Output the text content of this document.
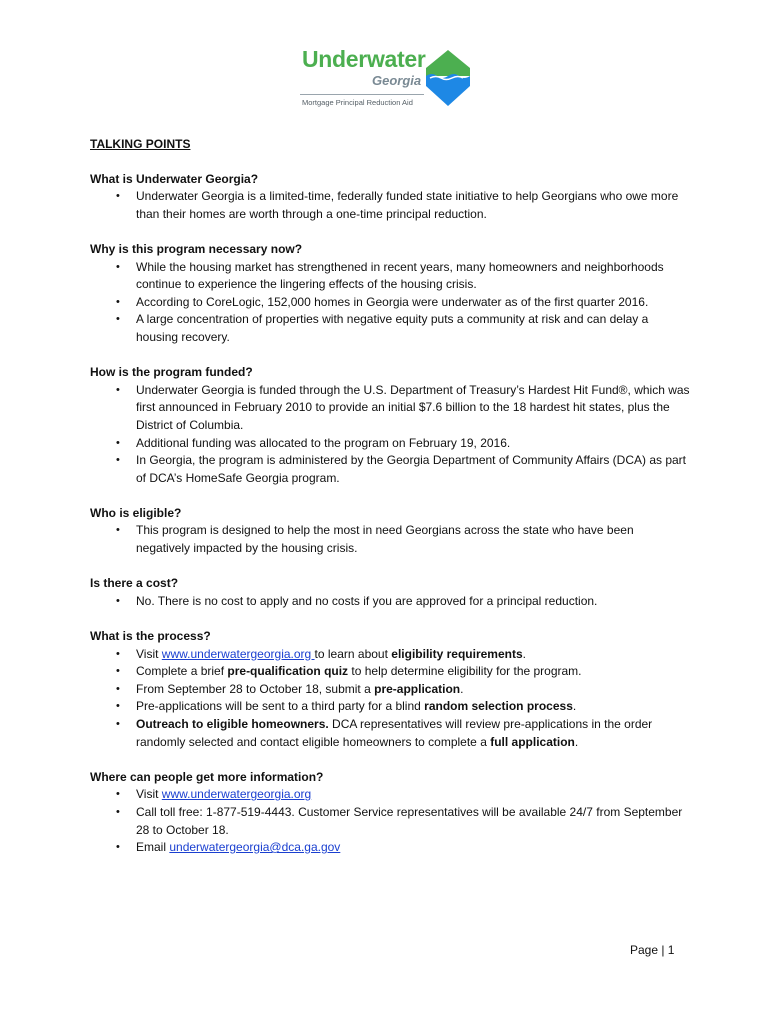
Underwater
Georgia
Mortgage Principal Reduction Aid

TALKING POINTS

What is Underwater Georgia?

• Underwater Georgia is a limited-time, federally funded state initiative to help Georgians who owe more than their homes are worth through a one-time principal reduction.

Why is this program necessary now?

• While the housing market has strengthened in recent years, many homeowners and neighborhoods continue to experience the lingering effects of the housing crisis.
• According to CoreLogic, 152,000 homes in Georgia were underwater as of the first quarter 2016.
• A large concentration of properties with negative equity puts a community at risk and can delay a housing recovery.

How is the program funded?

• Underwater Georgia is funded through the U.S. Department of Treasury’s Hardest Hit Fund®, which was first announced in February 2010 to provide an initial $7.6 billion to the 18 hardest hit states, plus the District of Columbia.
• Additional funding was allocated to the program on February 19, 2016.
• In Georgia, the program is administered by the Georgia Department of Community Affairs (DCA) as part of DCA’s HomeSafe Georgia program.

Who is eligible?

• This program is designed to help the most in need Georgians across the state who have been negatively impacted by the housing crisis.

Is there a cost?

• No. There is no cost to apply and no costs if you are approved for a principal reduction.

What is the process?

• Visit www.underwatergeorgia.org to learn about eligibility requirements.
• Complete a brief pre-qualification quiz to help determine eligibility for the program.
• From September 28 to October 18, submit a pre-application.
• Pre-applications will be sent to a third party for a blind random selection process.
• Outreach to eligible homeowners. DCA representatives will review pre-applications in the order randomly selected and contact eligible homeowners to complete a full application.

Where can people get more information?

• Visit www.underwatergeorgia.org
• Call toll free: 1-877-519-4443. Customer Service representatives will be available 24/7 from September 28 to October 18.
• Email underwatergeorgia@dca.ga.gov
Page | 1
